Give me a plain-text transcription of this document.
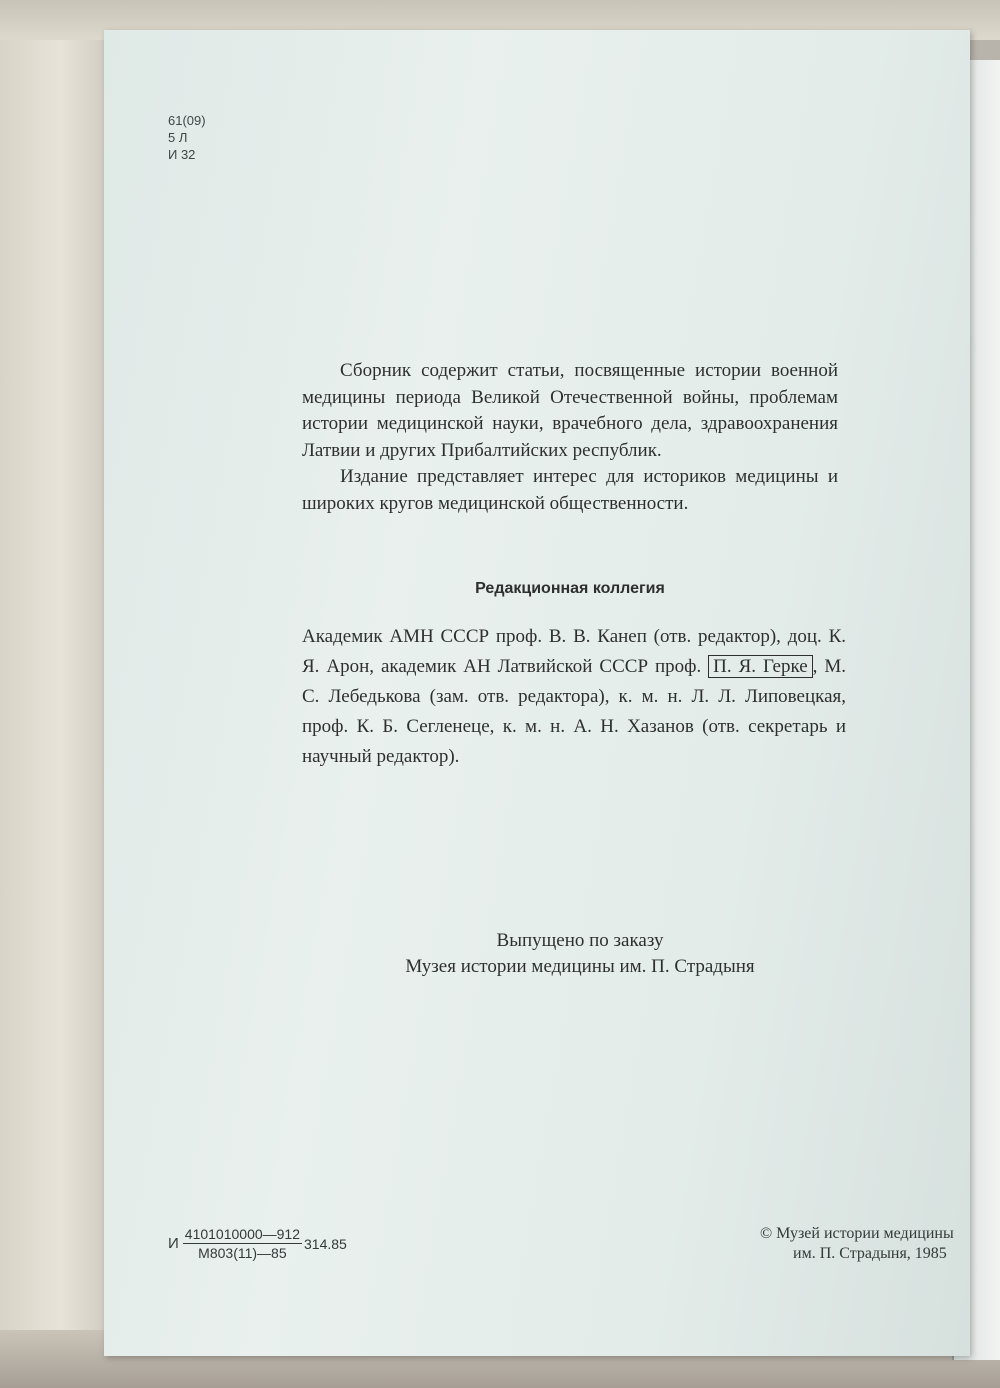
61(09)
5 Л
И 32

Сборник содержит статьи, посвященные истории военной медицины периода Великой Отечественной войны, проблемам истории медицинской науки, врачебного дела, здравоохранения Латвии и других Прибалтийских республик.

Издание представляет интерес для историков медицины и широких кругов медицинской общественности.

Редакционная коллегия

Академик АМН СССР проф. В. В. Канеп (отв. редактор), доц. К. Я. Арон, академик АН Латвийской СССР проф. П. Я. Герке , М. С. Лебедькова (зам. отв. редактора), к. м. н. Л. Л. Липовецкая, проф. К. Б. Сегленеце, к. м. н. А. Н. Хазанов (отв. секретарь и научный редактор).

Выпущено по заказу
Музея истории медицины им. П. Страдыня
И $\frac{4101010000—912}{М803(11)—85} 314.85$
© Музей истории медицины
им. П. Страдыня, 1985
